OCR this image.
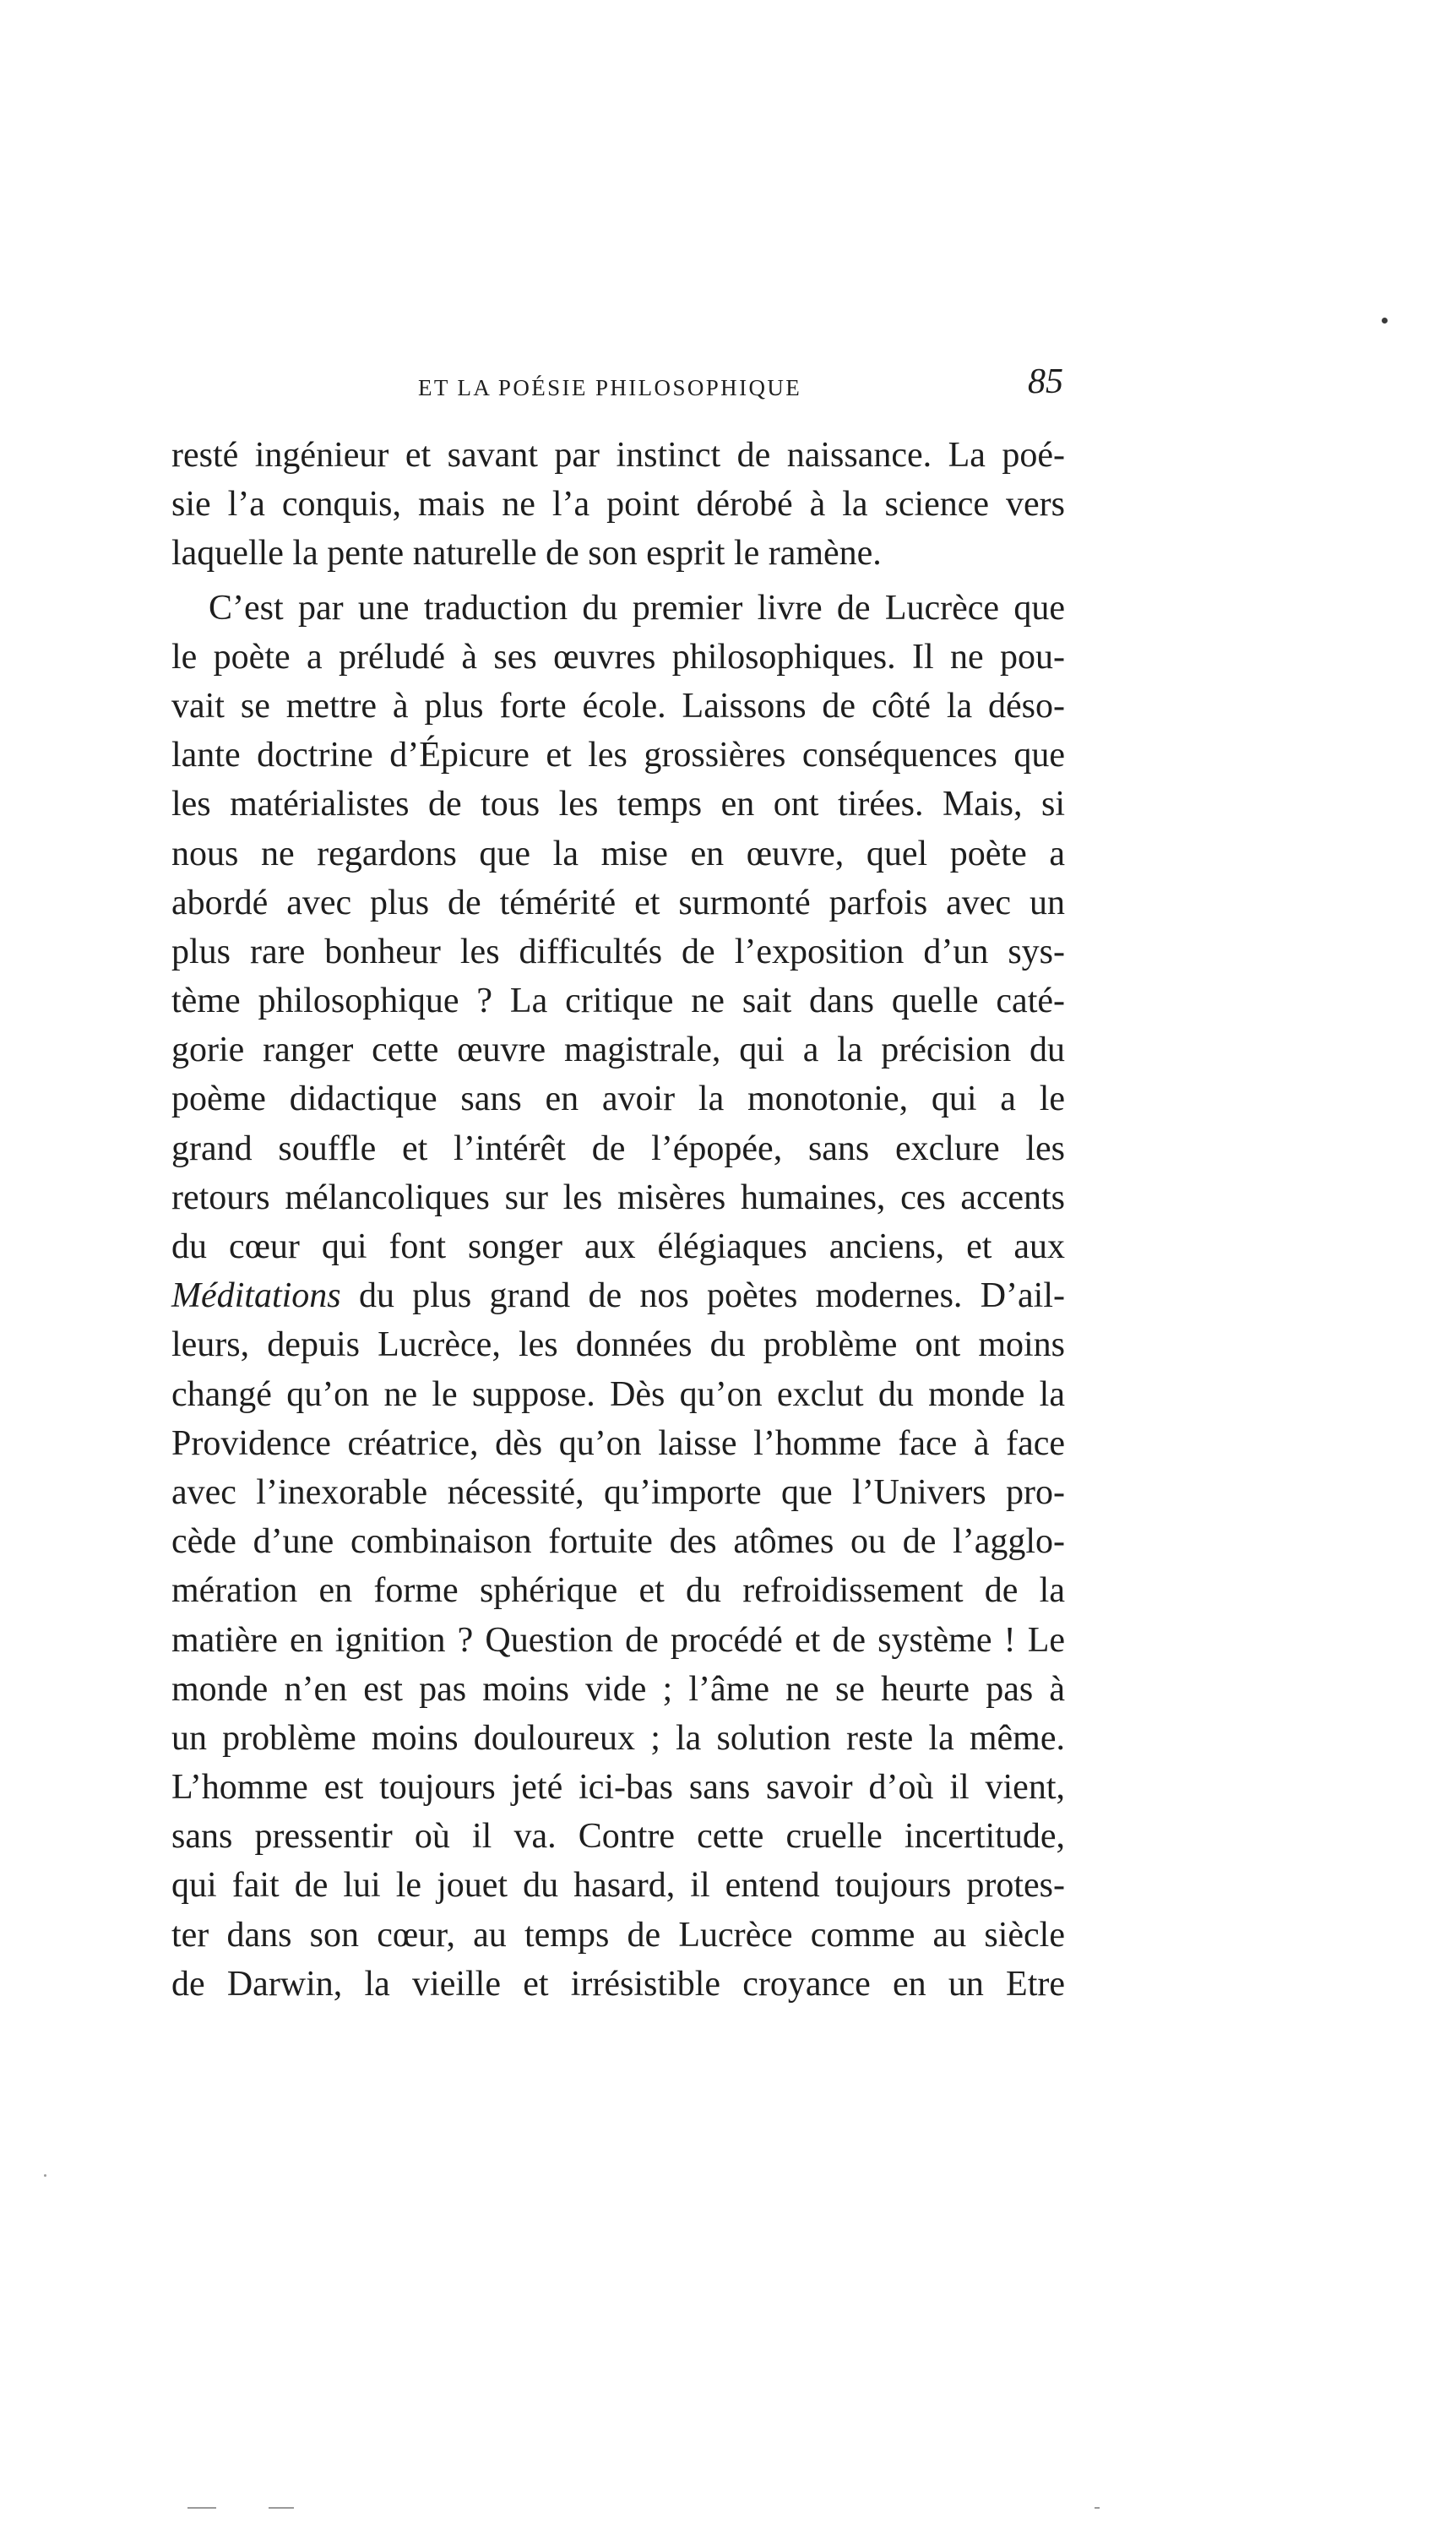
ET LA POÉSIE PHILOSOPHIQUE	85
resté ingénieur et savant par instinct de naissance. La poé-
sie l’a conquis, mais ne l’a point dérobé à la science vers
laquelle la pente naturelle de son esprit le ramène.
C’est par une traduction du premier livre de Lucrèce que
le poète a préludé à ses œuvres philosophiques. Il ne pou-
vait se mettre à plus forte école. Laissons de côté la déso-
lante doctrine d’Épicure et les grossières conséquences que
les matérialistes de tous les temps en ont tirées. Mais, si
nous ne regardons que la mise en œuvre, quel poète a
abordé avec plus de témérité et surmonté parfois avec un
plus rare bonheur les difficultés de l’exposition d’un sys-
tème philosophique ? La critique ne sait dans quelle caté-
gorie ranger cette œuvre magistrale, qui a la précision du
poème didactique sans en avoir la monotonie, qui a le
grand souffle et l’intérêt de l’épopée, sans exclure les
retours mélancoliques sur les misères humaines, ces accents
du cœur qui font songer aux élégiaques anciens, et aux
Méditations du plus grand de nos poètes modernes. D’ail-
leurs, depuis Lucrèce, les données du problème ont moins
changé qu’on ne le suppose. Dès qu’on exclut du monde la
Providence créatrice, dès qu’on laisse l’homme face à face
avec l’inexorable nécessité, qu’importe que l’Univers pro-
cède d’une combinaison fortuite des atômes ou de l’agglo-
mération en forme sphérique et du refroidissement de la
matière en ignition ? Question de procédé et de système ! Le
monde n’en est pas moins vide ; l’âme ne se heurte pas à
un problème moins douloureux ; la solution reste la même.
L’homme est toujours jeté ici-bas sans savoir d’où il vient,
sans pressentir où il va. Contre cette cruelle incertitude,
qui fait de lui le jouet du hasard, il entend toujours protes-
ter dans son cœur, au temps de Lucrèce comme au siècle
de Darwin, la vieille et irrésistible croyance en un Etre
